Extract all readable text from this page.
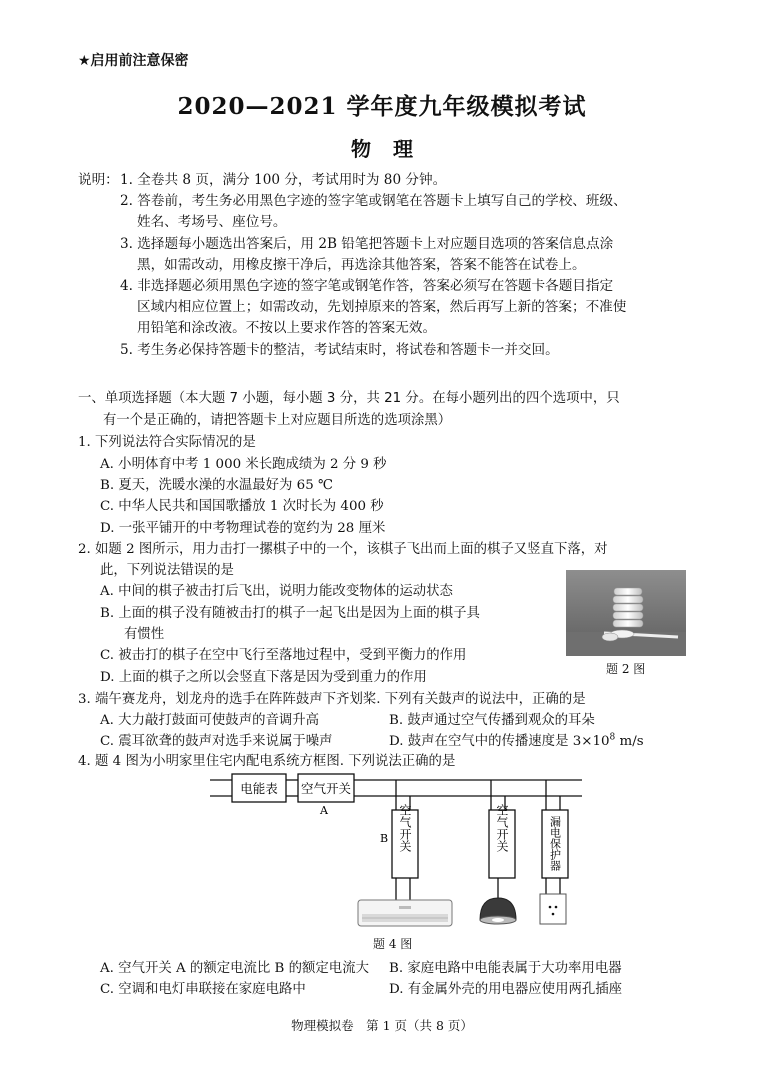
★启用前注意保密
2020—2021 学年度九年级模拟考试
物理
说明： 1. 全卷共 8 页，满分 100 分，考试用时为 80 分钟。
2. 答卷前，考生务必用黑色字迹的签字笔或钢笔在答题卡上填写自己的学校、班级、
姓名、考场号、座位号。
3. 选择题每小题选出答案后，用 2B 铅笔把答题卡上对应题目选项的答案信息点涂
黑，如需改动，用橡皮擦干净后，再选涂其他答案，答案不能答在试卷上。
4. 非选择题必须用黑色字迹的签字笔或钢笔作答，答案必须写在答题卡各题目指定
区域内相应位置上；如需改动，先划掉原来的答案，然后再写上新的答案；不准使
用铅笔和涂改液。不按以上要求作答的答案无效。
5. 考生务必保持答题卡的整洁，考试结束时，将试卷和答题卡一并交回。
一、单项选择题（本大题 7 小题，每小题 3 分，共 21 分。在每小题列出的四个选项中，只
有一个是正确的，请把答题卡上对应题目所选的选项涂黑）
1. 下列说法符合实际情况的是
A. 小明体育中考 1 000 米长跑成绩为 2 分 9 秒
B. 夏天，洗暖水澡的水温最好为 65 ℃
C. 中华人民共和国国歌播放 1 次时长为 400 秒
D. 一张平铺开的中考物理试卷的宽约为 28 厘米
2. 如题 2 图所示，用力击打一摞棋子中的一个，该棋子飞出而上面的棋子又竖直下落，对
此，下列说法错误的是
A. 中间的棋子被击打后飞出，说明力能改变物体的运动状态
B. 上面的棋子没有随被击打的棋子一起飞出是因为上面的棋子具
有惯性
C. 被击打的棋子在空中飞行至落地过程中，受到平衡力的作用
D. 上面的棋子之所以会竖直下落是因为受到重力的作用
题 2 图
3. 端午赛龙舟，划龙舟的选手在阵阵鼓声下齐划桨. 下列有关鼓声的说法中，正确的是
A. 大力敲打鼓面可使鼓声的音调升高	B. 鼓声通过空气传播到观众的耳朵
C. 震耳欲聋的鼓声对选手来说属于噪声	D. 鼓声在空气中的传播速度是 $3\times 10^8$ m/s
4. 题 4 图为小明家里住宅内配电系统方框图. 下列说法正确的是
电能表 空气开关
A
B 空气开关	空气开关	漏电保护器
题 4 图
A. 空气开关 A 的额定电流比 B 的额定电流大 B. 家庭电路中电能表属于大功率用电器
C. 空调和电灯串联接在家庭电路中	D. 有金属外壳的用电器应使用两孔插座
物理模拟卷　第 1 页（共 8 页）
